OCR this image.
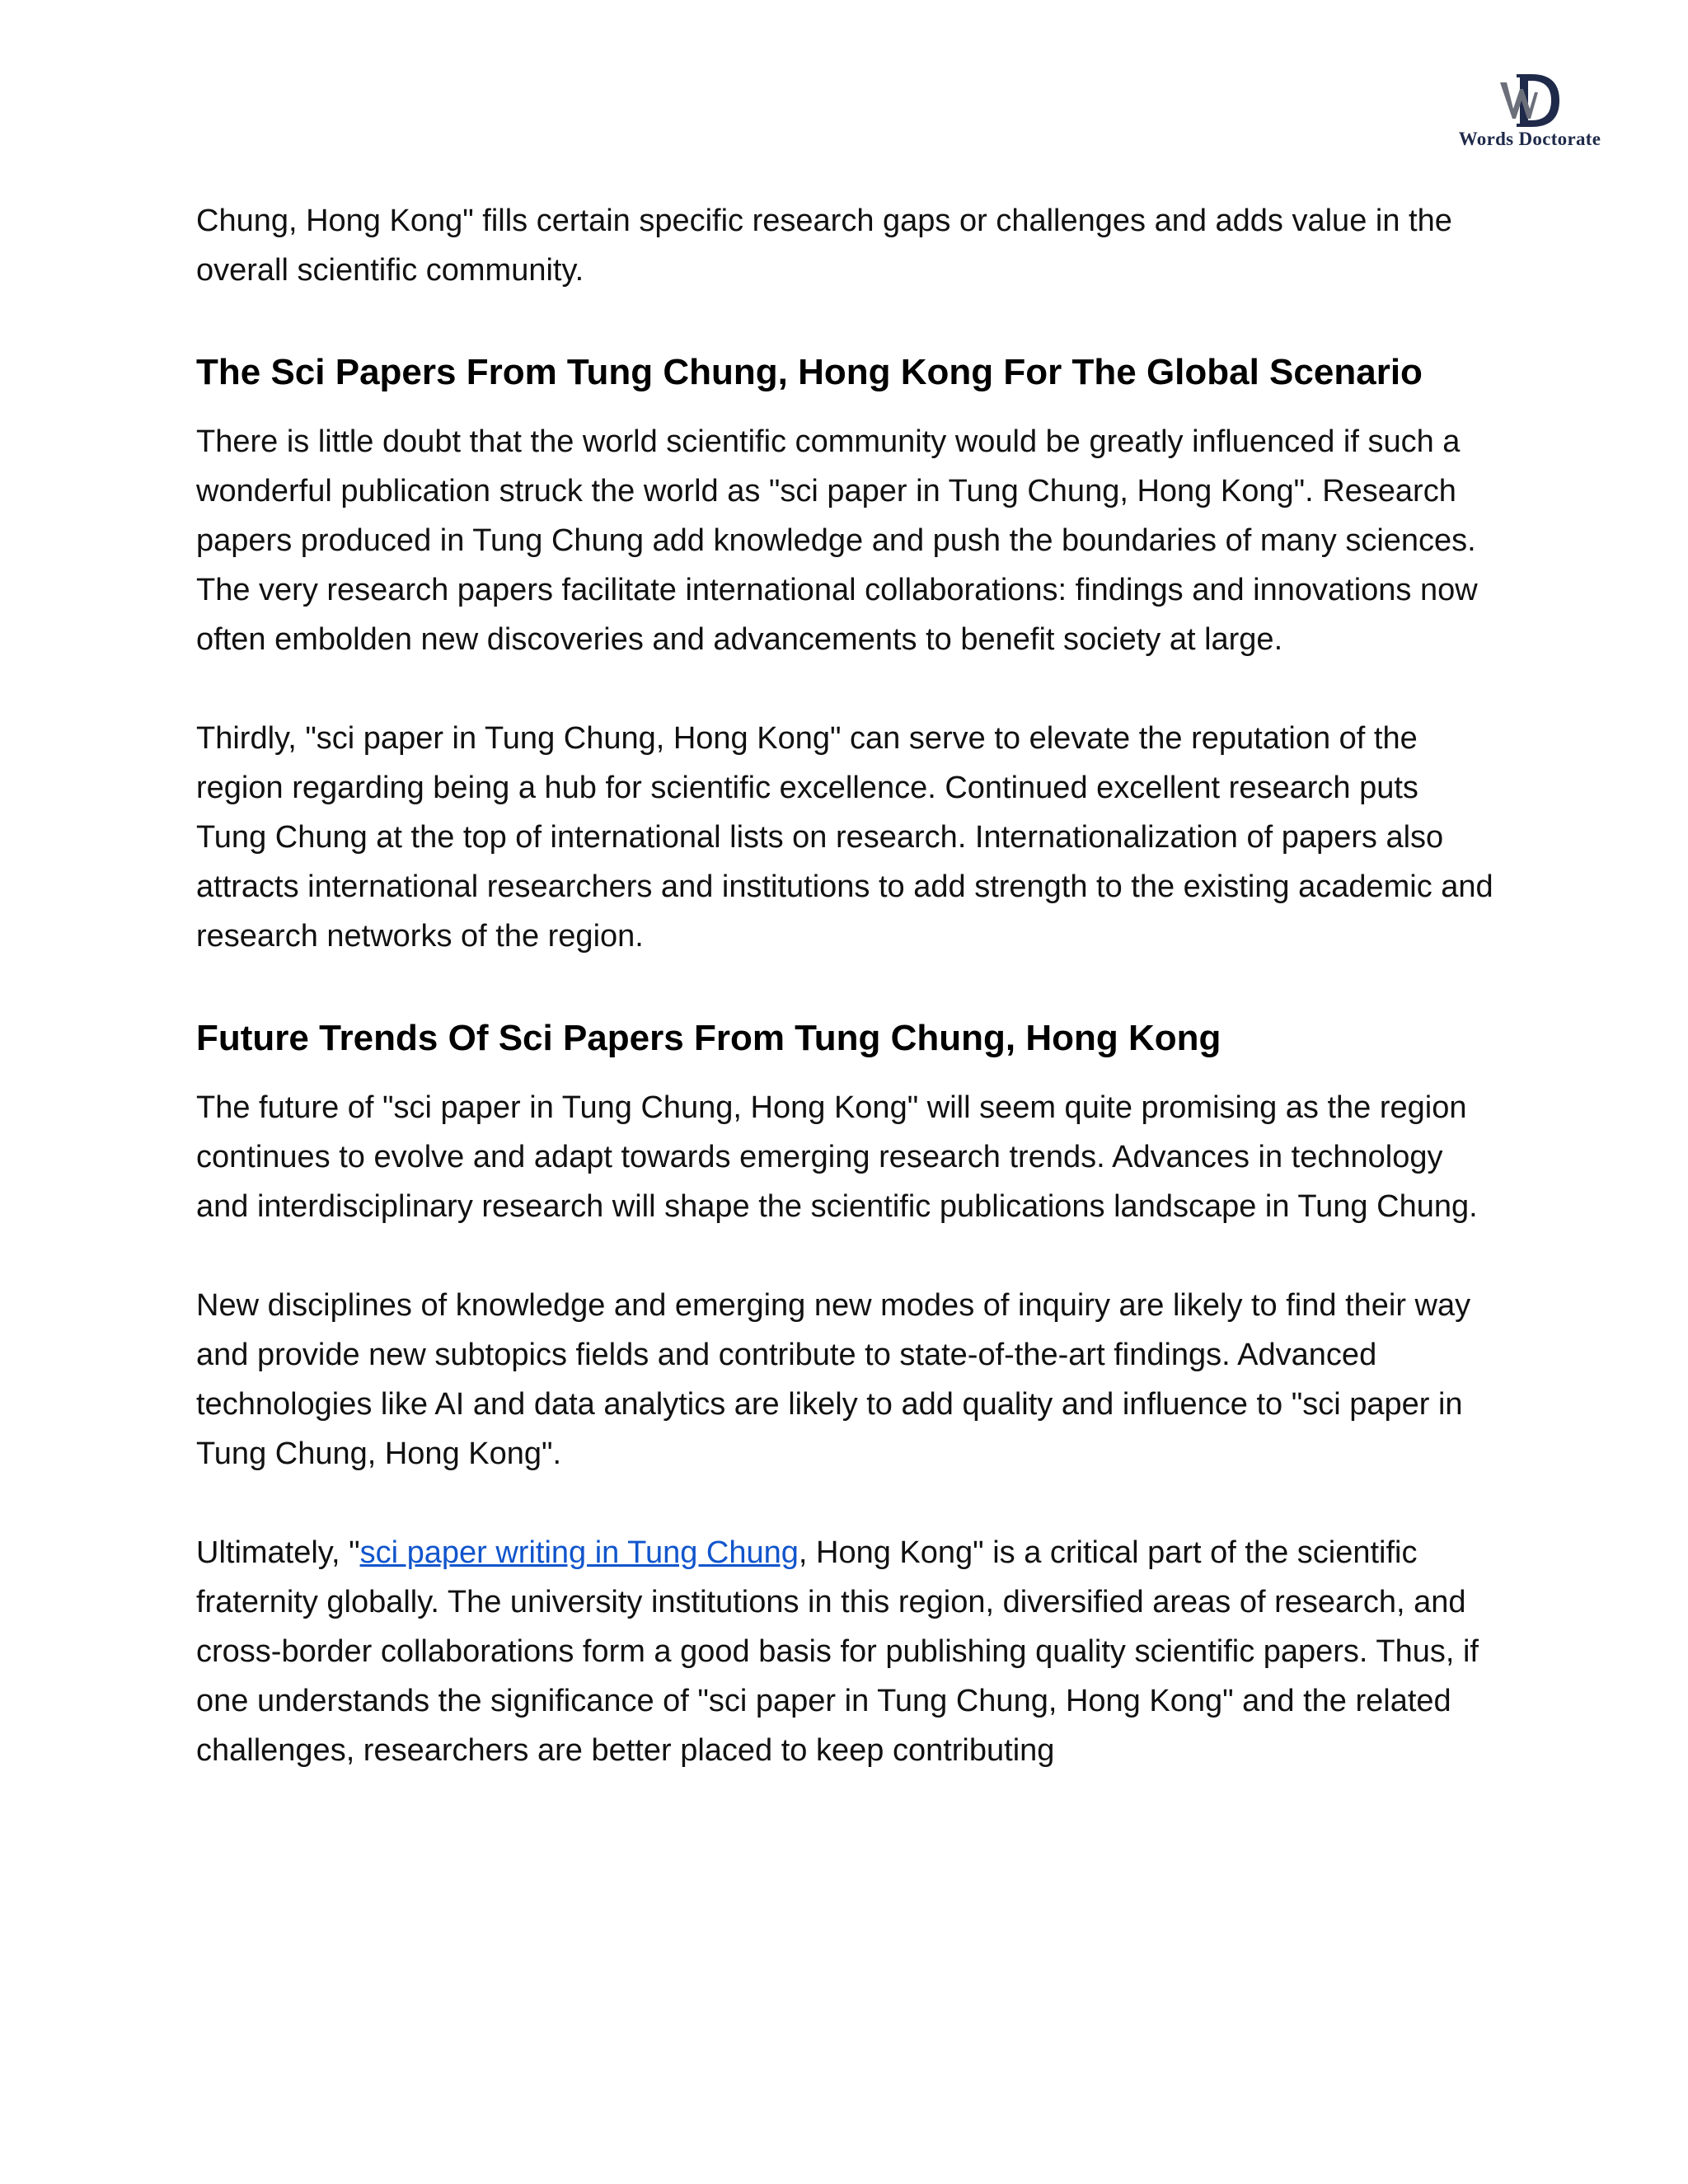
Words Doctorate

Chung, Hong Kong" fills certain specific research gaps or challenges and adds value in the overall scientific community.

The Sci Papers From Tung Chung, Hong Kong For The Global Scenario

There is little doubt that the world scientific community would be greatly influenced if such a wonderful publication struck the world as "sci paper in Tung Chung, Hong Kong". Research papers produced in Tung Chung add knowledge and push the boundaries of many sciences. The very research papers facilitate international collaborations: findings and innovations now often embolden new discoveries and advancements to benefit society at large.

Thirdly, "sci paper in Tung Chung, Hong Kong" can serve to elevate the reputation of the region regarding being a hub for scientific excellence. Continued excellent research puts Tung Chung at the top of international lists on research. Internationalization of papers also attracts international researchers and institutions to add strength to the existing academic and research networks of the region.

Future Trends Of Sci Papers From Tung Chung, Hong Kong

The future of "sci paper in Tung Chung, Hong Kong" will seem quite promising as the region continues to evolve and adapt towards emerging research trends. Advances in technology and interdisciplinary research will shape the scientific publications landscape in Tung Chung.

New disciplines of knowledge and emerging new modes of inquiry are likely to find their way and provide new subtopics fields and contribute to state-of-the-art findings. Advanced technologies like AI and data analytics are likely to add quality and influence to "sci paper in Tung Chung, Hong Kong".

Ultimately, "sci paper writing in Tung Chung, Hong Kong" is a critical part of the scientific fraternity globally. The university institutions in this region, diversified areas of research, and cross-border collaborations form a good basis for publishing quality scientific papers. Thus, if one understands the significance of "sci paper in Tung Chung, Hong Kong" and the related challenges, researchers are better placed to keep contributing
